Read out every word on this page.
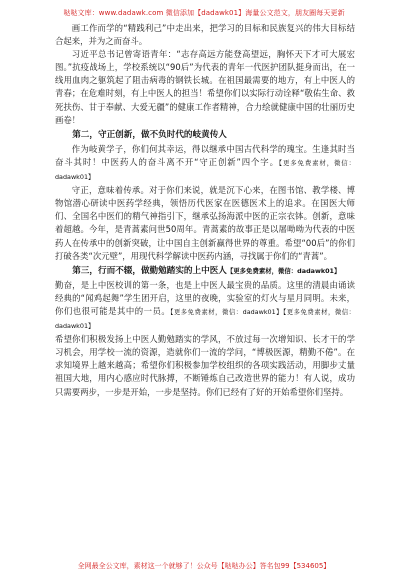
哒哒文库：www.dadawk.com 微信添加【dadawk01】海量公文范文，朋友圈每天更新

画工作而学的“精践利己”中走出来，把学习的目标和民族复兴的伟大目标结合起来，并为之而奋斗。

习近平总书记曾寄语青年：“志存高远方能登高望远，胸怀天下才可大展宏图。”抗疫战场上，学校系统以“90后”为代表的青年一代医护团队挺身而出，在一线用血肉之躯筑起了阻击病毒的钢铁长城。在祖国最需要的地方，有上中医人的青春；在危难时刻，有上中医人的担当！希望你们以实际行动诠释“敬佑生命、救死扶伤、甘于奉献、大爱无疆”的健康工作者精神，合力绘就健康中国的壮丽历史画卷！

第二，守正创新，做不负时代的岐黄传人

作为岐黄学子，你们何其幸运，得以继承中国古代科学的瑰宝。生逢其时当奋斗其时！中医药人的奋斗离不开“守正创新”四个字。【更多免费素材，微信：dadawk01】

守正，意味着传承。对于你们来说，就是沉下心来，在图书馆、教学楼、博物馆潜心研读中医药学经典，领悟历代医家在医德医术上的追求。在国医大师们、全国名中医们的精气神指引下，继承弘扬海派中医的正宗衣钵。创新，意味着超越。今年，是青蒿素问世50周年。青蒿素的故事正是以屠呦呦为代表的中医药人在传承中的创新突破，让中国自主创新赢得世界的尊重。希望“00后”的你们打破各类“次元壁”，用现代科学解读中医药内涵，寻找属于你们的“青蒿”。

第三，行而不辍，做勤勉踏实的上中医人【更多免费素材，微信：dadawk01】

勤奋，是上中医校训的第一条，也是上中医人最宝贵的品质。这里的清晨由诵读经典的“闻鸡起舞”学生团开启，这里的夜晚，实验室的灯火与星月同明。未来，你们也很可能是其中的一员。【更多免费素材，微信：dadawk01】【更多免费素材，微信：dadawk01】

希望你们积极发扬上中医人勤勉踏实的学风，不放过每一次增知识、长才干的学习机会，用学校一流的资源，造就你们一流的学问，“博极医源，精勤不倦”。在求知境界上越来越高；希望你们积极参加学校组织的各项实践活动，用脚步丈量祖国大地，用内心感应时代脉搏，不断锤炼自己改造世界的能力！有人说，成功只需要两步，一步是开始，一步是坚持。你们已经有了好的开始希望你们坚持。

全网最全公文库，素材这一个就够了！公众号【哒哒办公】答名包99【534605】
